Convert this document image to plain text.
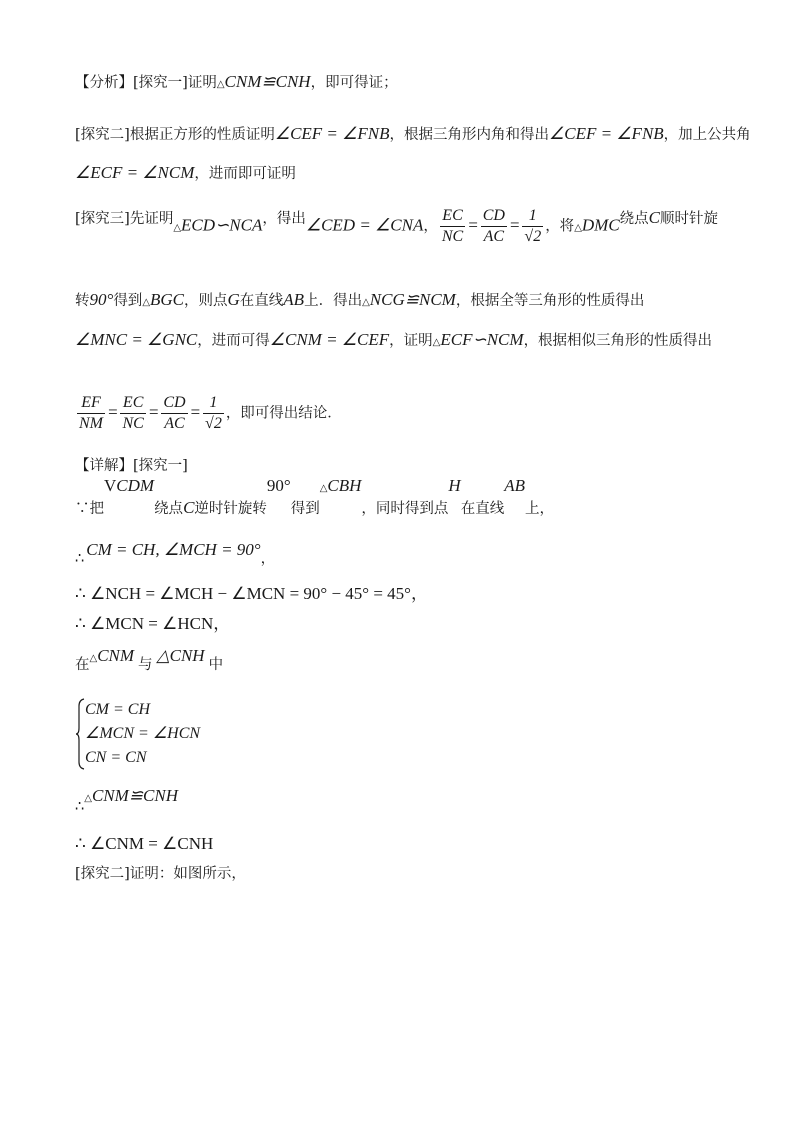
【分析】[探究一]证明△CNM≌CNH，即可得证；
[探究二]根据正方形的性质证明∠CEF = ∠FNB，根据三角形内角和得出∠CEF = ∠FNB，加上公共角
∠ECF = ∠NCM，进而即可证明
[探究三]先证明△ECD∽NCA，得出∠CED = ∠CNA， $\frac{EC}{NC} = \frac{CD}{AC} = \frac{1}{√2}$ ，将△DMC绕点C顺时针旋
转90°得到△BGC，则点G在直线AB上．得出△NCG≌NCM，根据全等三角形的性质得出
∠MNC = ∠GNC，进而可得∠CNM = ∠CEF，证明△ECF∽NCM，根据相似三角形的性质得出
$\frac{EF}{NM} = \frac{EC}{NC} = \frac{CD}{AC} = \frac{1}{√2}$ ，即可得出结论．
【详解】[探究一]
∵把VCDM绕点C逆时针旋转90°得到△CBH，同时得到点H在直线AB上，
∴ CM = CH, ∠MCH = 90°，
∴ ∠NCH = ∠MCH − ∠MCN = 90° − 45° = 45°，
∴ ∠MCN = ∠HCN，
在△CNM 与 △CNH 中
CM = CH
∠MCN = ∠HCN
CN = CN
∴△CNM≌CNH
∴ ∠CNM = ∠CNH
[探究二]证明：如图所示，
